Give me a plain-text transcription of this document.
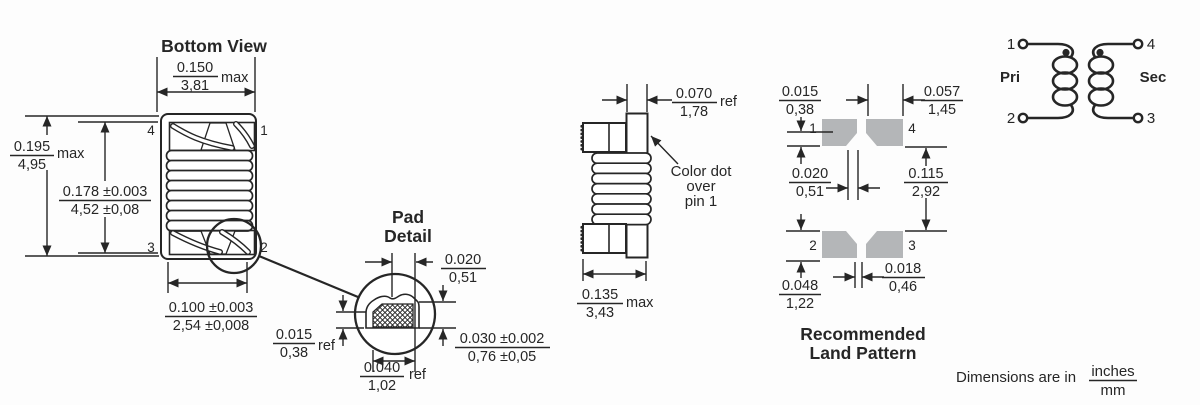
Bottom View
0.150
3,81 max
4	1
3	2
0.195
4,95
max
0.178 ±0.003
4,52 ±0,08
0.100 ±0.003
2,54 ±0,008
Pad
Detail
0.020
0,51
0.015
0,38 ref	0.030 ±0.002
0,76 ±0,05
0.040
1,02
ref
0.070
1,78
ref
Color dot
over
pin 1
0.135
3,43
max
1	4
2	3
0.015
0,38
0.057
1,45
0.020
0,51
0.115
2,92
0.048
1,22
0.018
0,46
Recommended
Land Pattern
1
2
4
3
Pri	Sec
Dimensions are in inches
mm
